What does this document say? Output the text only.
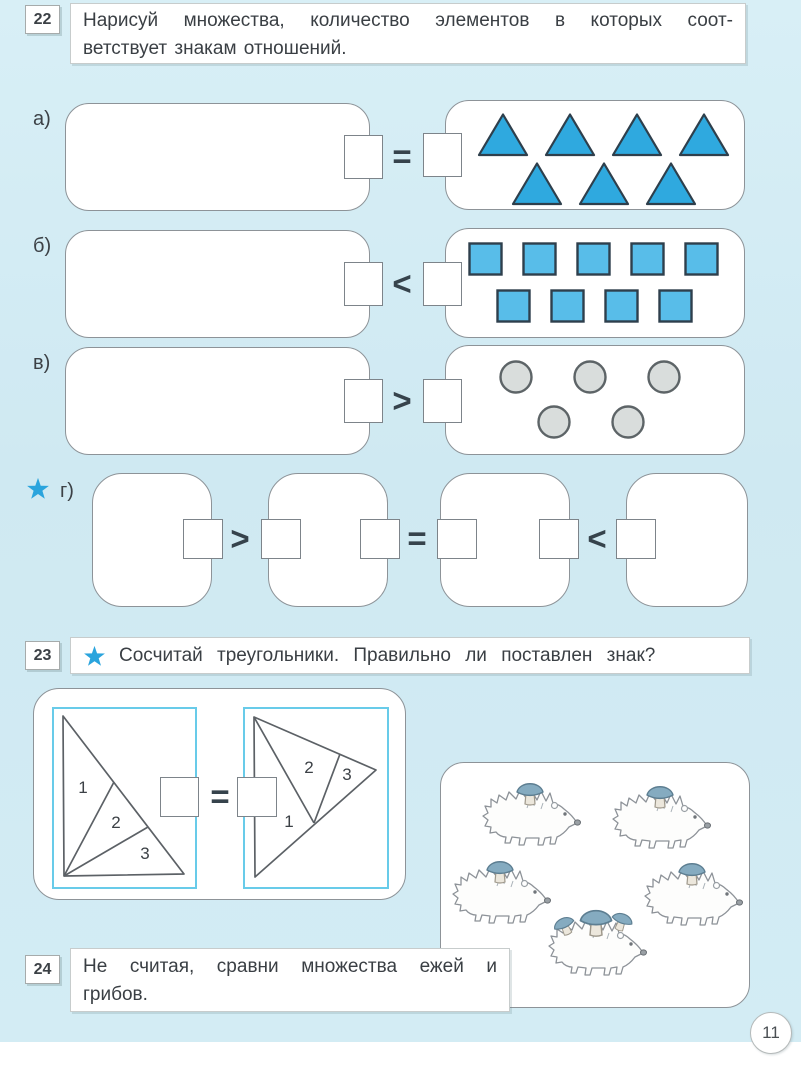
22 Нарисуй множества, количество элементов в которых соот-
ветствует знакам отношений.
а)
=
б)
<
в)
>
г)
>	=	<
23	Сосчитай треугольники. Правильно ли поставлен знак?
1
2
3
1
2 3
=
24 Не считая, сравни множества ежей и
грибов.
11
